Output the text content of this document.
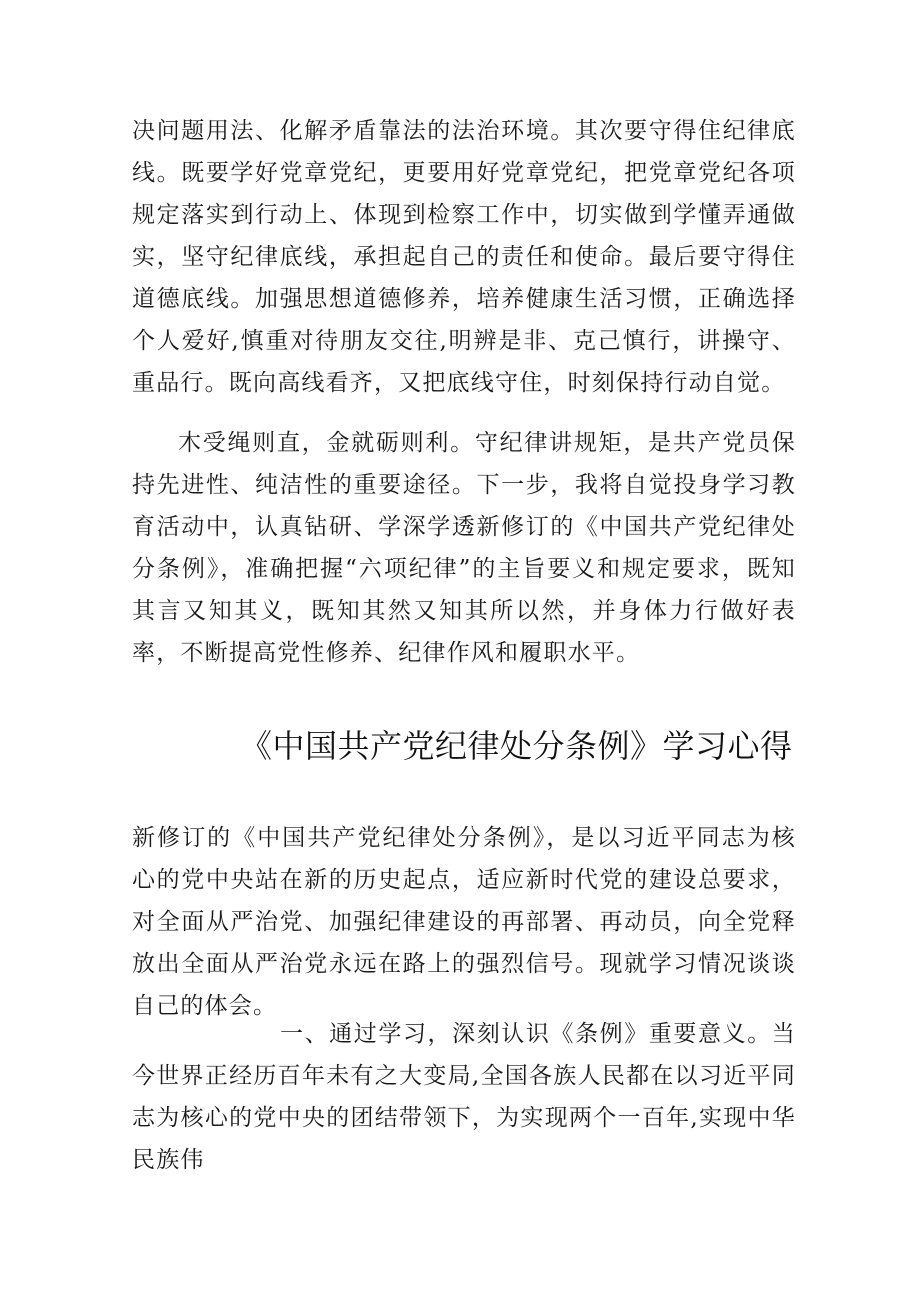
决问题用法、化解矛盾靠法的法治环境。其次要守得住纪律底线。既要学好党章党纪，更要用好党章党纪，把党章党纪各项规定落实到行动上、体现到检察工作中，切实做到学懂弄通做实，坚守纪律底线，承担起自己的责任和使命。最后要守得住道德底线。加强思想道德修养，培养健康生活习惯，正确选择个人爱好,慎重对待朋友交往,明辨是非、克己慎行，讲操守、重品行。既向高线看齐，又把底线守住，时刻保持行动自觉。

木受绳则直，金就砺则利。守纪律讲规矩，是共产党员保持先进性、纯洁性的重要途径。下一步，我将自觉投身学习教育活动中，认真钻研、学深学透新修订的《中国共产党纪律处分条例》，准确把握“六项纪律”的主旨要义和规定要求，既知其言又知其义，既知其然又知其所以然，并身体力行做好表率，不断提高党性修养、纪律作风和履职水平。

《中国共产党纪律处分条例》学习心得

新修订的《中国共产党纪律处分条例》，是以习近平同志为核心的党中央站在新的历史起点，适应新时代党的建设总要求，对全面从严治党、加强纪律建设的再部署、再动员，向全党释放出全面从严治党永远在路上的强烈信号。现就学习情况谈谈自己的体会。

一、通过学习，深刻认识《条例》重要意义。当今世界正经历百年未有之大变局,全国各族人民都在以习近平同志为核心的党中央的团结带领下，为实现两个一百年,实现中华民族伟
